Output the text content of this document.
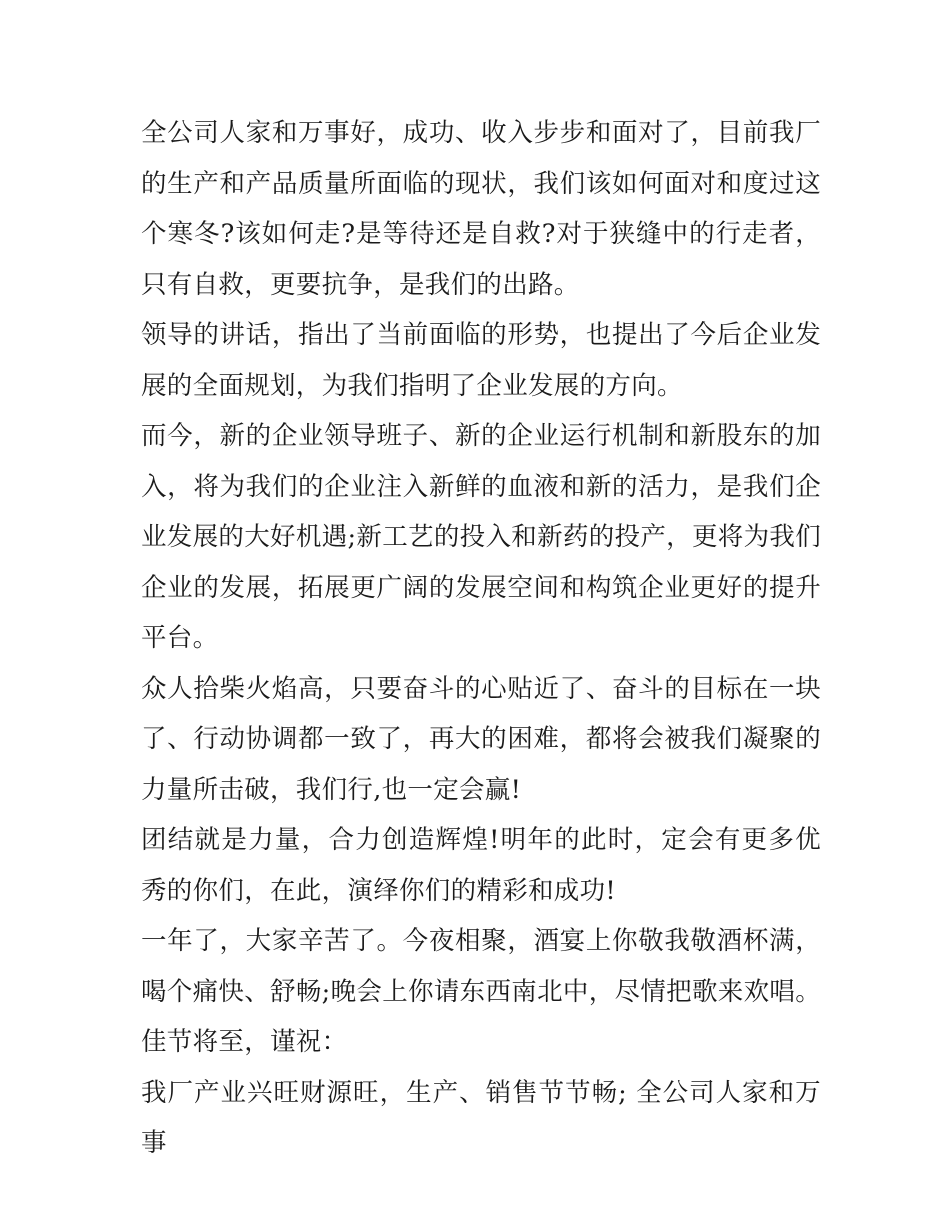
全公司人家和万事好，成功、收入步步和面对了，目前我厂的生产和产品质量所面临的现状，我们该如何面对和度过这个寒冬?该如何走?是等待还是自救?对于狭缝中的行走者，只有自救，更要抗争，是我们的出路。

领导的讲话，指出了当前面临的形势，也提出了今后企业发展的全面规划，为我们指明了企业发展的方向。

而今，新的企业领导班子、新的企业运行机制和新股东的加入，将为我们的企业注入新鲜的血液和新的活力，是我们企业发展的大好机遇;新工艺的投入和新药的投产，更将为我们企业的发展，拓展更广阔的发展空间和构筑企业更好的提升平台。

众人拾柴火焰高，只要奋斗的心贴近了、奋斗的目标在一块了、行动协调都一致了，再大的困难，都将会被我们凝聚的力量所击破，我们行,也一定会赢!

团结就是力量，合力创造辉煌!明年的此时，定会有更多优秀的你们，在此，演绎你们的精彩和成功!

一年了，大家辛苦了。今夜相聚，酒宴上你敬我敬酒杯满，喝个痛快、舒畅;晚会上你请东西南北中，尽情把歌来欢唱。 佳节将至，谨祝：

我厂产业兴旺财源旺，生产、销售节节畅; 全公司人家和万事
